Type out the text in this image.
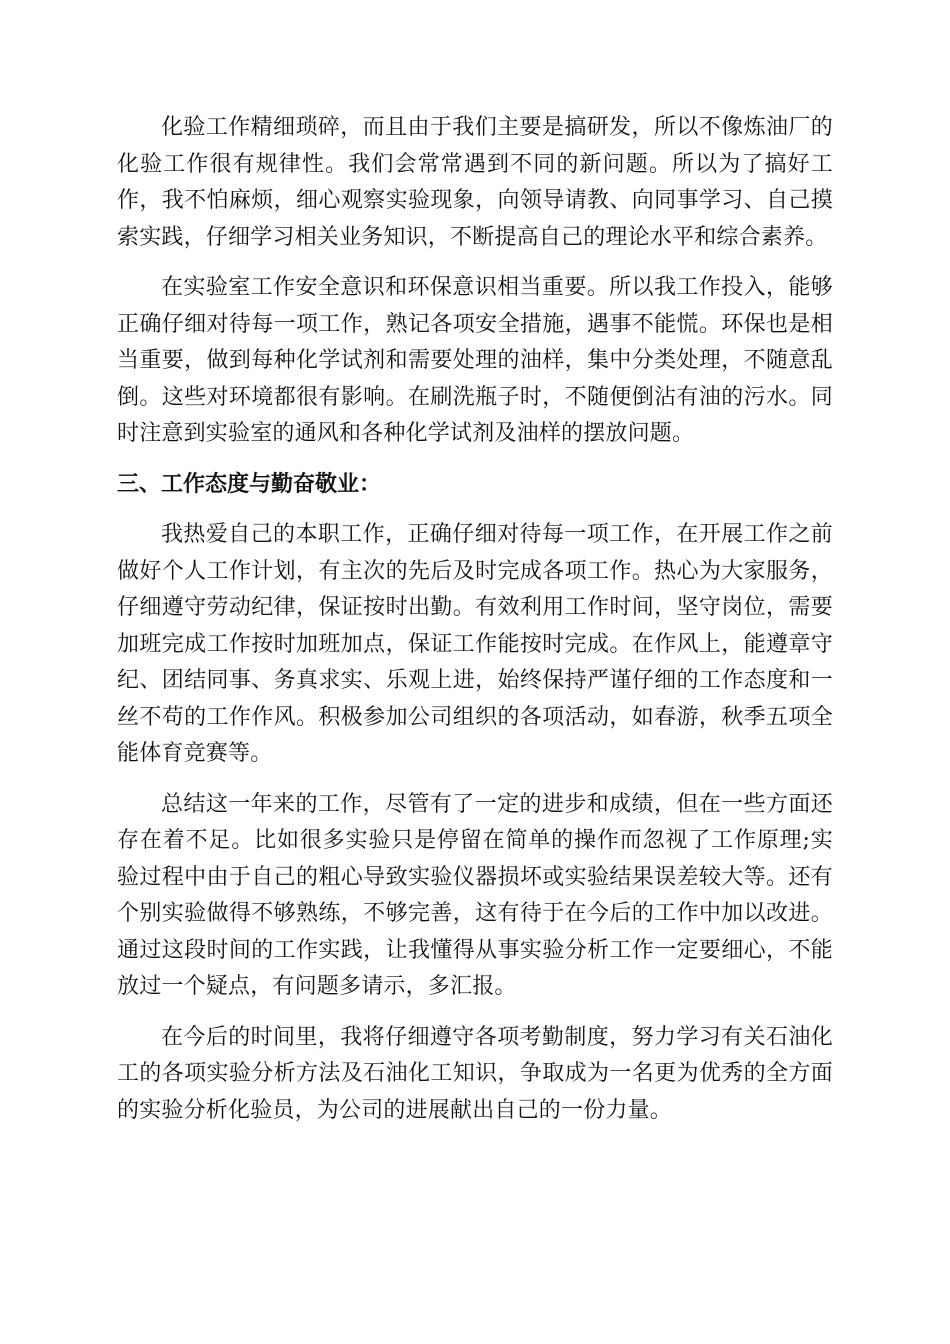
化验工作精细琐碎，而且由于我们主要是搞研发，所以不像炼油厂的化验工作很有规律性。我们会常常遇到不同的新问题。所以为了搞好工作，我不怕麻烦，细心观察实验现象，向领导请教、向同事学习、自己摸索实践，仔细学习相关业务知识，不断提高自己的理论水平和综合素养。

在实验室工作安全意识和环保意识相当重要。所以我工作投入，能够正确仔细对待每一项工作，熟记各项安全措施，遇事不能慌。环保也是相当重要，做到每种化学试剂和需要处理的油样，集中分类处理，不随意乱倒。这些对环境都很有影响。在刷洗瓶子时，不随便倒沾有油的污水。同时注意到实验室的通风和各种化学试剂及油样的摆放问题。

三、工作态度与勤奋敬业：

我热爱自己的本职工作，正确仔细对待每一项工作，在开展工作之前做好个人工作计划，有主次的先后及时完成各项工作。热心为大家服务，仔细遵守劳动纪律，保证按时出勤。有效利用工作时间，坚守岗位，需要加班完成工作按时加班加点，保证工作能按时完成。在作风上，能遵章守纪、团结同事、务真求实、乐观上进，始终保持严谨仔细的工作态度和一丝不苟的工作作风。积极参加公司组织的各项活动，如春游，秋季五项全能体育竞赛等。

总结这一年来的工作，尽管有了一定的进步和成绩，但在一些方面还存在着不足。比如很多实验只是停留在简单的操作而忽视了工作原理;实验过程中由于自己的粗心导致实验仪器损坏或实验结果误差较大等。还有个别实验做得不够熟练，不够完善，这有待于在今后的工作中加以改进。通过这段时间的工作实践，让我懂得从事实验分析工作一定要细心，不能放过一个疑点，有问题多请示，多汇报。

在今后的时间里，我将仔细遵守各项考勤制度，努力学习有关石油化工的各项实验分析方法及石油化工知识，争取成为一名更为优秀的全方面的实验分析化验员，为公司的进展献出自己的一份力量。
